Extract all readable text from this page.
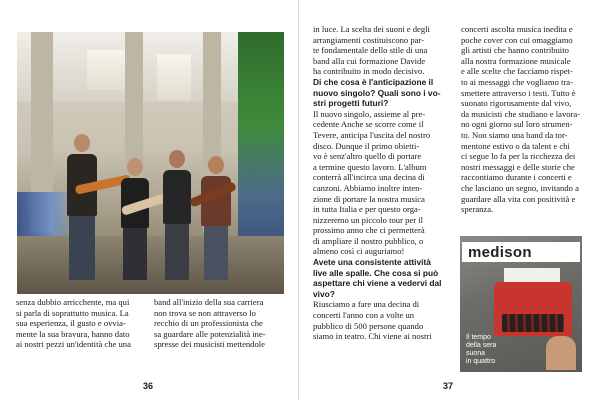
senza dubbio arricchente, ma qui

si parla di soprattutto musica. La

sua esperienza, il gusto e ovvia-

mente la sua bravura, hanno dato

ai nostri pezzi un'identità che una

band all'inizio della sua carriera

non trova se non attraverso lo

recchio di un professionista che

sa guardare alle potenzialità ine-

spresse dei musicisti mettendole

36

in luce. La scelta dei suoni e degli

arrangiamenti costituiscono par-

te fondamentale dello stile di una

band alla cui formazione Davide

ha contribuito in modo decisivo.

Di che cosa è l'anticipazione il

nuovo singolo? Quali sono i vo-

stri progetti futuri?

Il nuovo singolo, assieme al pre-

cedente Anche se scorre come il

Tevere, anticipa l'uscita del nostro

disco. Dunque il primo obietti-

vo è senz'altro quello di portare

a termine questo lavoro. L'album

conterrà all'incirca una decina di

canzoni. Abbiamo inoltre inten-

zione di portare la nostra musica

in tutta Italia e per questo orga-

nizzeremo un piccolo tour per il

prossimo anno che ci permetterà

di ampliare il nostro pubblico, o

almeno così ci auguriamo!

Avete una consistente attività

live alle spalle. Che cosa si può

aspettare chi viene a vedervi dal

vivo?

Riusciamo a fare una decina di

concerti l'anno con a volte un

pubblico di 500 persone quando

siamo in teatro. Chi viene ai nostri

concerti ascolta musica inedita e

poche cover con cui omaggiamo

gli artisti che hanno contribuito

alla nostra formazione musicale

e alle scelte che facciamo rispet-

to ai messaggi che vogliamo tra-

smettere attraverso i testi. Tutto è

suonato rigorosamente dal vivo,

da musicisti che studiano e lavora-

no ogni giorno sul loro strumen-

to. Non siamo una band da tor-

mentone estivo o da talent e chi

ci segue lo fa per la ricchezza dei

nostri messaggi e delle storie che

raccontiamo durante i concerti e

che lasciano un segno, invitando a

guardare alla vita con positività e

speranza.

37
medison
Il tempo
della sera
suona
in quattro
